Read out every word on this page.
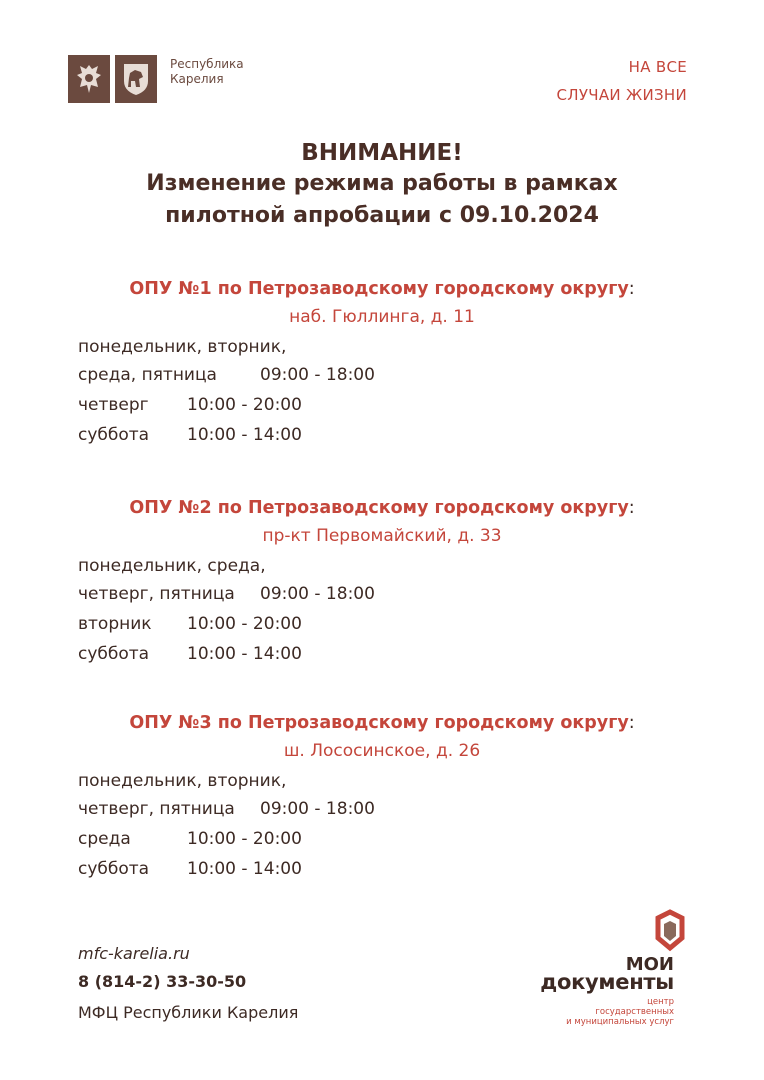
Республика
Карелия
НА ВСЕ
СЛУЧАИ ЖИЗНИ
ВНИМАНИЕ!
Изменение режима работы в рамках
пилотной апробации с 09.10.2024
ОПУ №1 по Петрозаводскому городскому округу:
наб. Гюллинга, д. 11
понедельник, вторник,
среда, пятница	09:00 - 18:00
четверг	10:00 - 20:00
суббота	10:00 - 14:00
ОПУ №2 по Петрозаводскому городскому округу:
пр-кт Первомайский, д. 33
понедельник, среда,
четверг, пятница	09:00 - 18:00
вторник	10:00 - 20:00
суббота	10:00 - 14:00
ОПУ №3 по Петрозаводскому городскому округу:
ш. Лососинское, д. 26
понедельник, вторник,
четверг, пятница	09:00 - 18:00
среда	10:00 - 20:00
суббота	10:00 - 14:00
mfc-karelia.ru
8 (814-2) 33-30-50
МФЦ Республики Карелия
МОИ
документы
центр
государственных
и муниципальных услуг
